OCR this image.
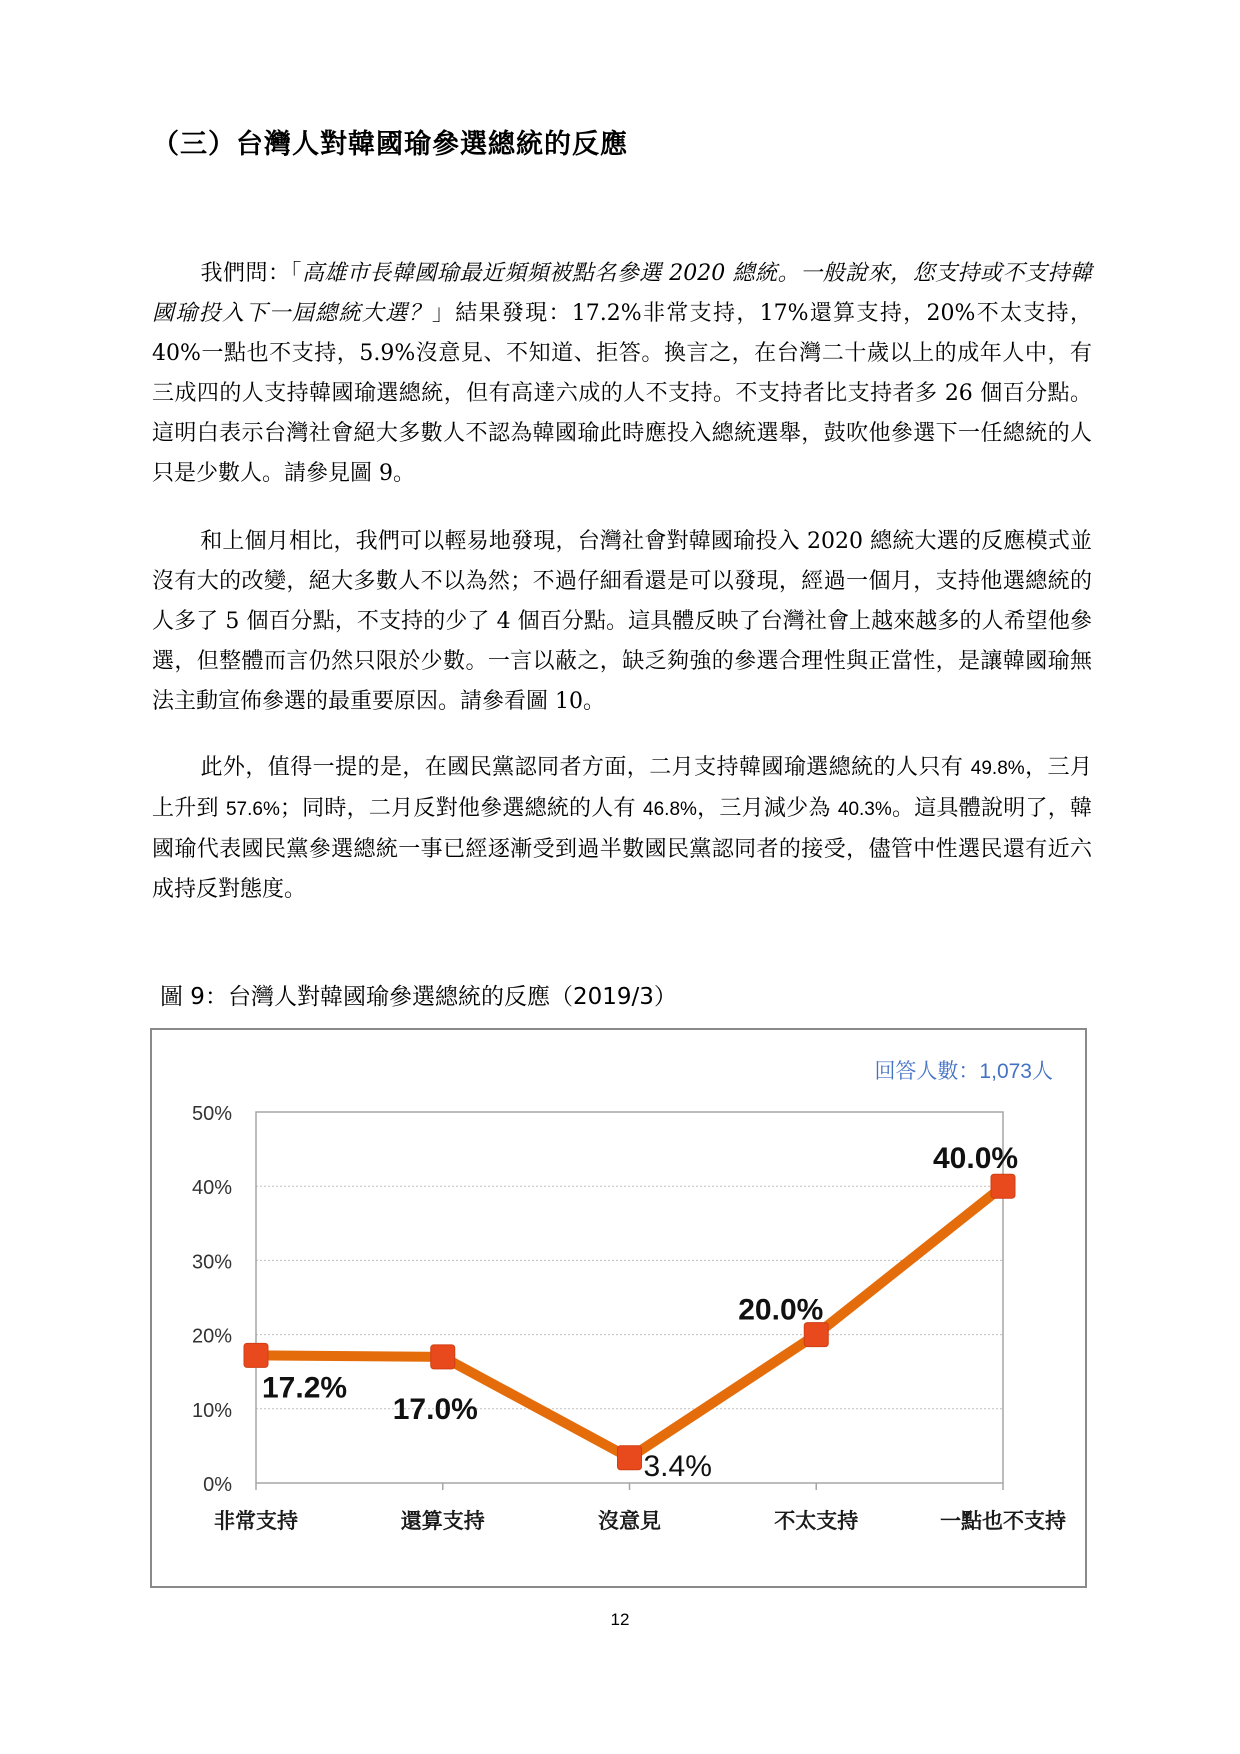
（三）台灣人對韓國瑜參選總統的反應
我們問：「高雄市長韓國瑜最近頻頻被點名參選 2020 總統。一般說來，您支持或不支持韓國瑜投入下一屆總統大選？」結果發現：17.2%非常支持，17%還算支持，20%不太支持，40%一點也不支持，5.9%沒意見、不知道、拒答。換言之，在台灣二十歲以上的成年人中，有三成四的人支持韓國瑜選總統，但有高達六成的人不支持。不支持者比支持者多 26 個百分點。這明白表示台灣社會絕大多數人不認為韓國瑜此時應投入總統選舉，鼓吹他參選下一任總統的人只是少數人。請參見圖 9。
和上個月相比，我們可以輕易地發現，台灣社會對韓國瑜投入 2020 總統大選的反應模式並沒有大的改變，絕大多數人不以為然；不過仔細看還是可以發現，經過一個月，支持他選總統的人多了 5 個百分點，不支持的少了 4 個百分點。這具體反映了台灣社會上越來越多的人希望他參選，但整體而言仍然只限於少數。一言以蔽之，缺乏夠強的參選合理性與正當性，是讓韓國瑜無法主動宣佈參選的最重要原因。請參看圖 10。
此外，值得一提的是，在國民黨認同者方面，二月支持韓國瑜選總統的人只有 49.8%，三月上升到 57.6%；同時，二月反對他參選總統的人有 46.8%，三月減少為 40.3%。這具體說明了，韓國瑜代表國民黨參選總統一事已經逐漸受到過半數國民黨認同者的接受，儘管中性選民還有近六成持反對態度。
圖 9：台灣人對韓國瑜參選總統的反應（2019/3）
0%
10%
20%
30%
40%
50%
非常支持	還算支持	沒意見	不太支持	一點也不支持
17.2%
17.0%
3.4%
20.0%
40.0%
回答人數：1,073人
12
